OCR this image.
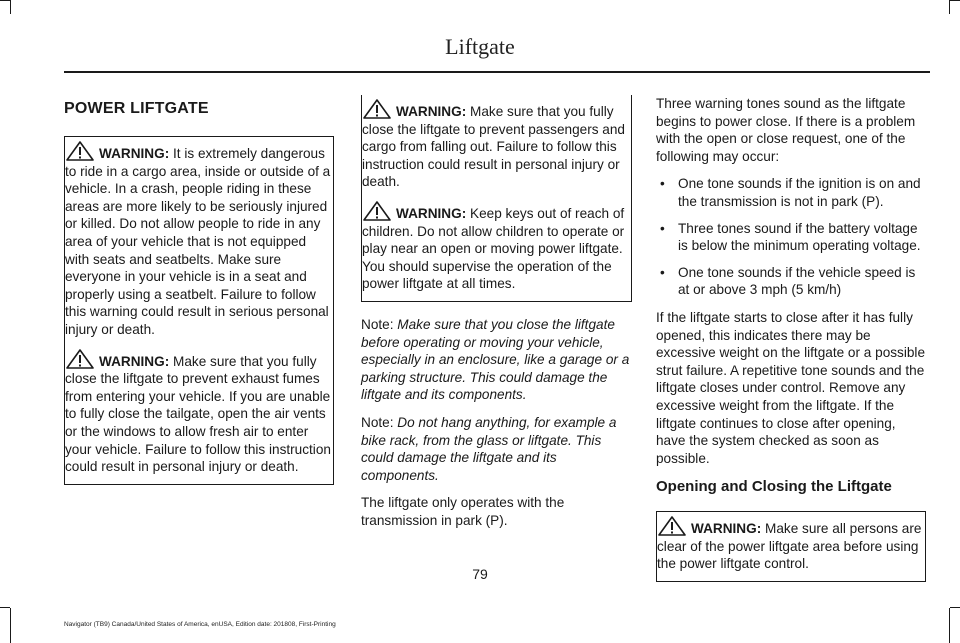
Liftgate
POWER LIFTGATE

WARNING: It is extremely dangerous to ride in a cargo area, inside or outside of a vehicle. In a crash, people riding in these areas are more likely to be seriously injured or killed. Do not allow people to ride in any area of your vehicle that is not equipped with seats and seatbelts. Make sure everyone in your vehicle is in a seat and properly using a seatbelt. Failure to follow this warning could result in serious personal injury or death.

WARNING: Make sure that you fully close the liftgate to prevent exhaust fumes from entering your vehicle. If you are unable to fully close the tailgate, open the air vents or the windows to allow fresh air to enter your vehicle. Failure to follow this instruction could result in personal injury or death.

WARNING: Make sure that you fully close the liftgate to prevent passengers and cargo from falling out. Failure to follow this instruction could result in personal injury or death.

WARNING: Keep keys out of reach of children. Do not allow children to operate or play near an open or moving power liftgate. You should supervise the operation of the power liftgate at all times.

Note: Make sure that you close the liftgate before operating or moving your vehicle, especially in an enclosure, like a garage or a parking structure. This could damage the liftgate and its components.

Note: Do not hang anything, for example a bike rack, from the glass or liftgate. This could damage the liftgate and its components.

The liftgate only operates with the transmission in park (P).

Three warning tones sound as the liftgate begins to power close. If there is a problem with the open or close request, one of the following may occur:

• One tone sounds if the ignition is on and the transmission is not in park (P).
• Three tones sound if the battery voltage is below the minimum operating voltage.
• One tone sounds if the vehicle speed is at or above 3 mph (5 km/h)

If the liftgate starts to close after it has fully opened, this indicates there may be excessive weight on the liftgate or a possible strut failure. A repetitive tone sounds and the liftgate closes under control. Remove any excessive weight from the liftgate. If the liftgate continues to close after opening, have the system checked as soon as possible.

Opening and Closing the Liftgate

WARNING: Make sure all persons are clear of the power liftgate area before using the power liftgate control.

79
Navigator (TB9) Canada/United States of America, enUSA, Edition date: 201808, First-Printing
